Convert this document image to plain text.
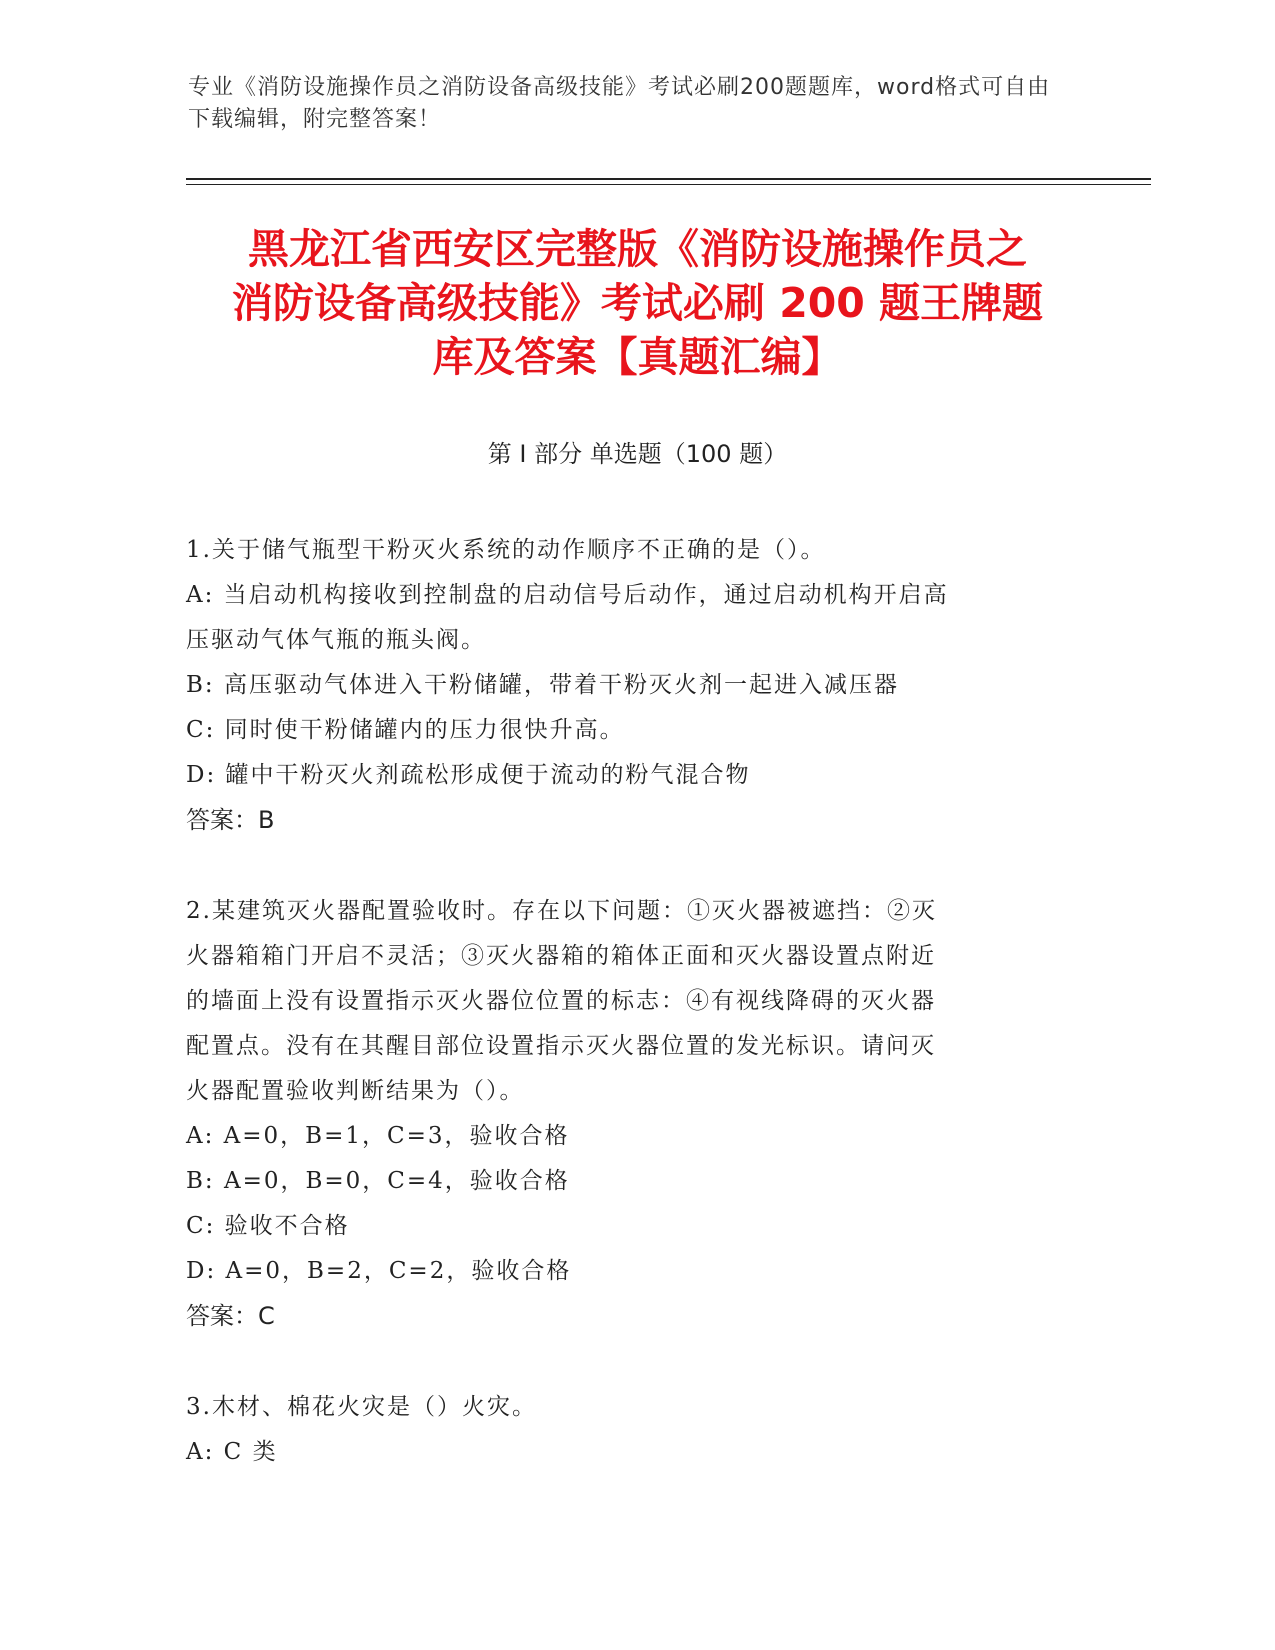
专业《消防设施操作员之消防设备高级技能》考试必刷200题题库，word格式可自由下载编辑，附完整答案！
黑龙江省西安区完整版《消防设施操作员之
消防设备高级技能》考试必刷 200 题王牌题
库及答案【真题汇编】
第 I 部分 单选题（100 题）
1.关于储气瓶型干粉灭火系统的动作顺序不正确的是（）。
A: 当启动机构接收到控制盘的启动信号后动作，通过启动机构开启高
压驱动气体气瓶的瓶头阀。
B: 高压驱动气体进入干粉储罐，带着干粉灭火剂一起进入减压器
C: 同时使干粉储罐内的压力很快升高。
D: 罐中干粉灭火剂疏松形成便于流动的粉气混合物
答案：B
2.某建筑灭火器配置验收时。存在以下问题：①灭火器被遮挡：②灭
火器箱箱门开启不灵活；③灭火器箱的箱体正面和灭火器设置点附近
的墙面上没有设置指示灭火器位位置的标志：④有视线降碍的灭火器
配置点。没有在其醒目部位设置指示灭火器位置的发光标识。请问灭
火器配置验收判断结果为（）。
A: A=0，B=1，C=3，验收合格
B: A=0，B=0，C=4，验收合格
C: 验收不合格
D: A=0，B=2，C=2，验收合格
答案：C
3.木材、棉花火灾是（）火灾。
A: C 类
